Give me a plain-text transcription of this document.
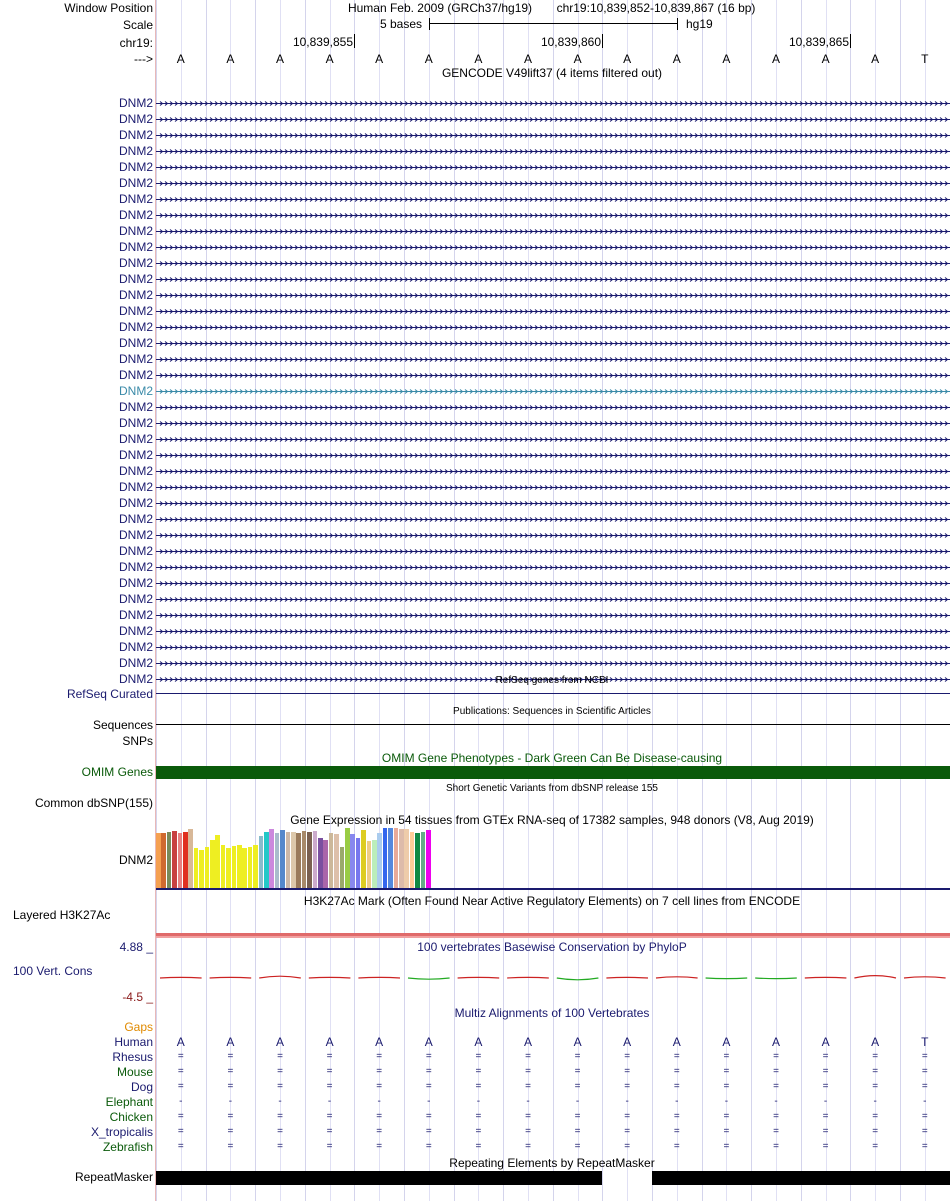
Window Position	Human Feb. 2009 (GRCh37/hg19) chr19:10,839,852-10,839,867 (16 bp)
Scale	5 bases	hg19
chr19:	10,839,855	10,839,860	10,839,865
---> A	A	A	A	A	A	A	A	A	A	A	A	A	A	A	T
GENCODE V49lift37 (4 items filtered out)
DNM2
DNM2
DNM2
DNM2
DNM2
DNM2
DNM2
DNM2
DNM2
DNM2
DNM2
DNM2
DNM2
DNM2
DNM2
DNM2
DNM2
DNM2
DNM2
DNM2
DNM2
DNM2
DNM2
DNM2
DNM2
DNM2
DNM2
DNM2
DNM2
DNM2
DNM2
DNM2
DNM2
DNM2
DNM2
DNM2
DNM2	RefSeq genes from NCBI
RefSeq Curated
Publications: Sequences in Scientific Articles
Sequences
SNPs
OMIM Gene Phenotypes - Dark Green Can Be Disease-causing
OMIM Genes
Short Genetic Variants from dbSNP release 155
Common dbSNP(155)
Gene Expression in 54 tissues from GTEx RNA-seq of 17382 samples, 948 donors (V8, Aug 2019)
DNM2
H3K27Ac Mark (Often Found Near Active Regulatory Elements) on 7 cell lines from ENCODE
Layered H3K27Ac
100 vertebrates Basewise Conservation by PhyloP
4.88 _
100 Vert. Cons
-4.5 _
Multiz Alignments of 100 Vertebrates
Gaps
Human A	A	A	A	A	A	A	A	A	A	A	A	A	A	A	T
Rhesus	=	=	=	=	=	=	=	=	=	=	=	=	=	=	=	=
Mouse	=	=	=	=	=	=	=	=	=	=	=	=	=	=	=	=
Dog	=	=	=	=	=	=	=	=	=	=	=	=	=	=	=	=
Elephant	-	-	-	-	-	-	-	-	-	-	-	-	-	-	-	-
Chicken	=	=	=	=	=	=	=	=	=	=	=	=	=	=	=	=
X_tropicalis	=	=	=	=	=	=	=	=	=	=	=	=	=	=	=	=
Zebrafish	=	=	=	=	=	=	=	=	=	=	=	=	=	=	=	=
Repeating Elements by RepeatMasker
RepeatMasker
